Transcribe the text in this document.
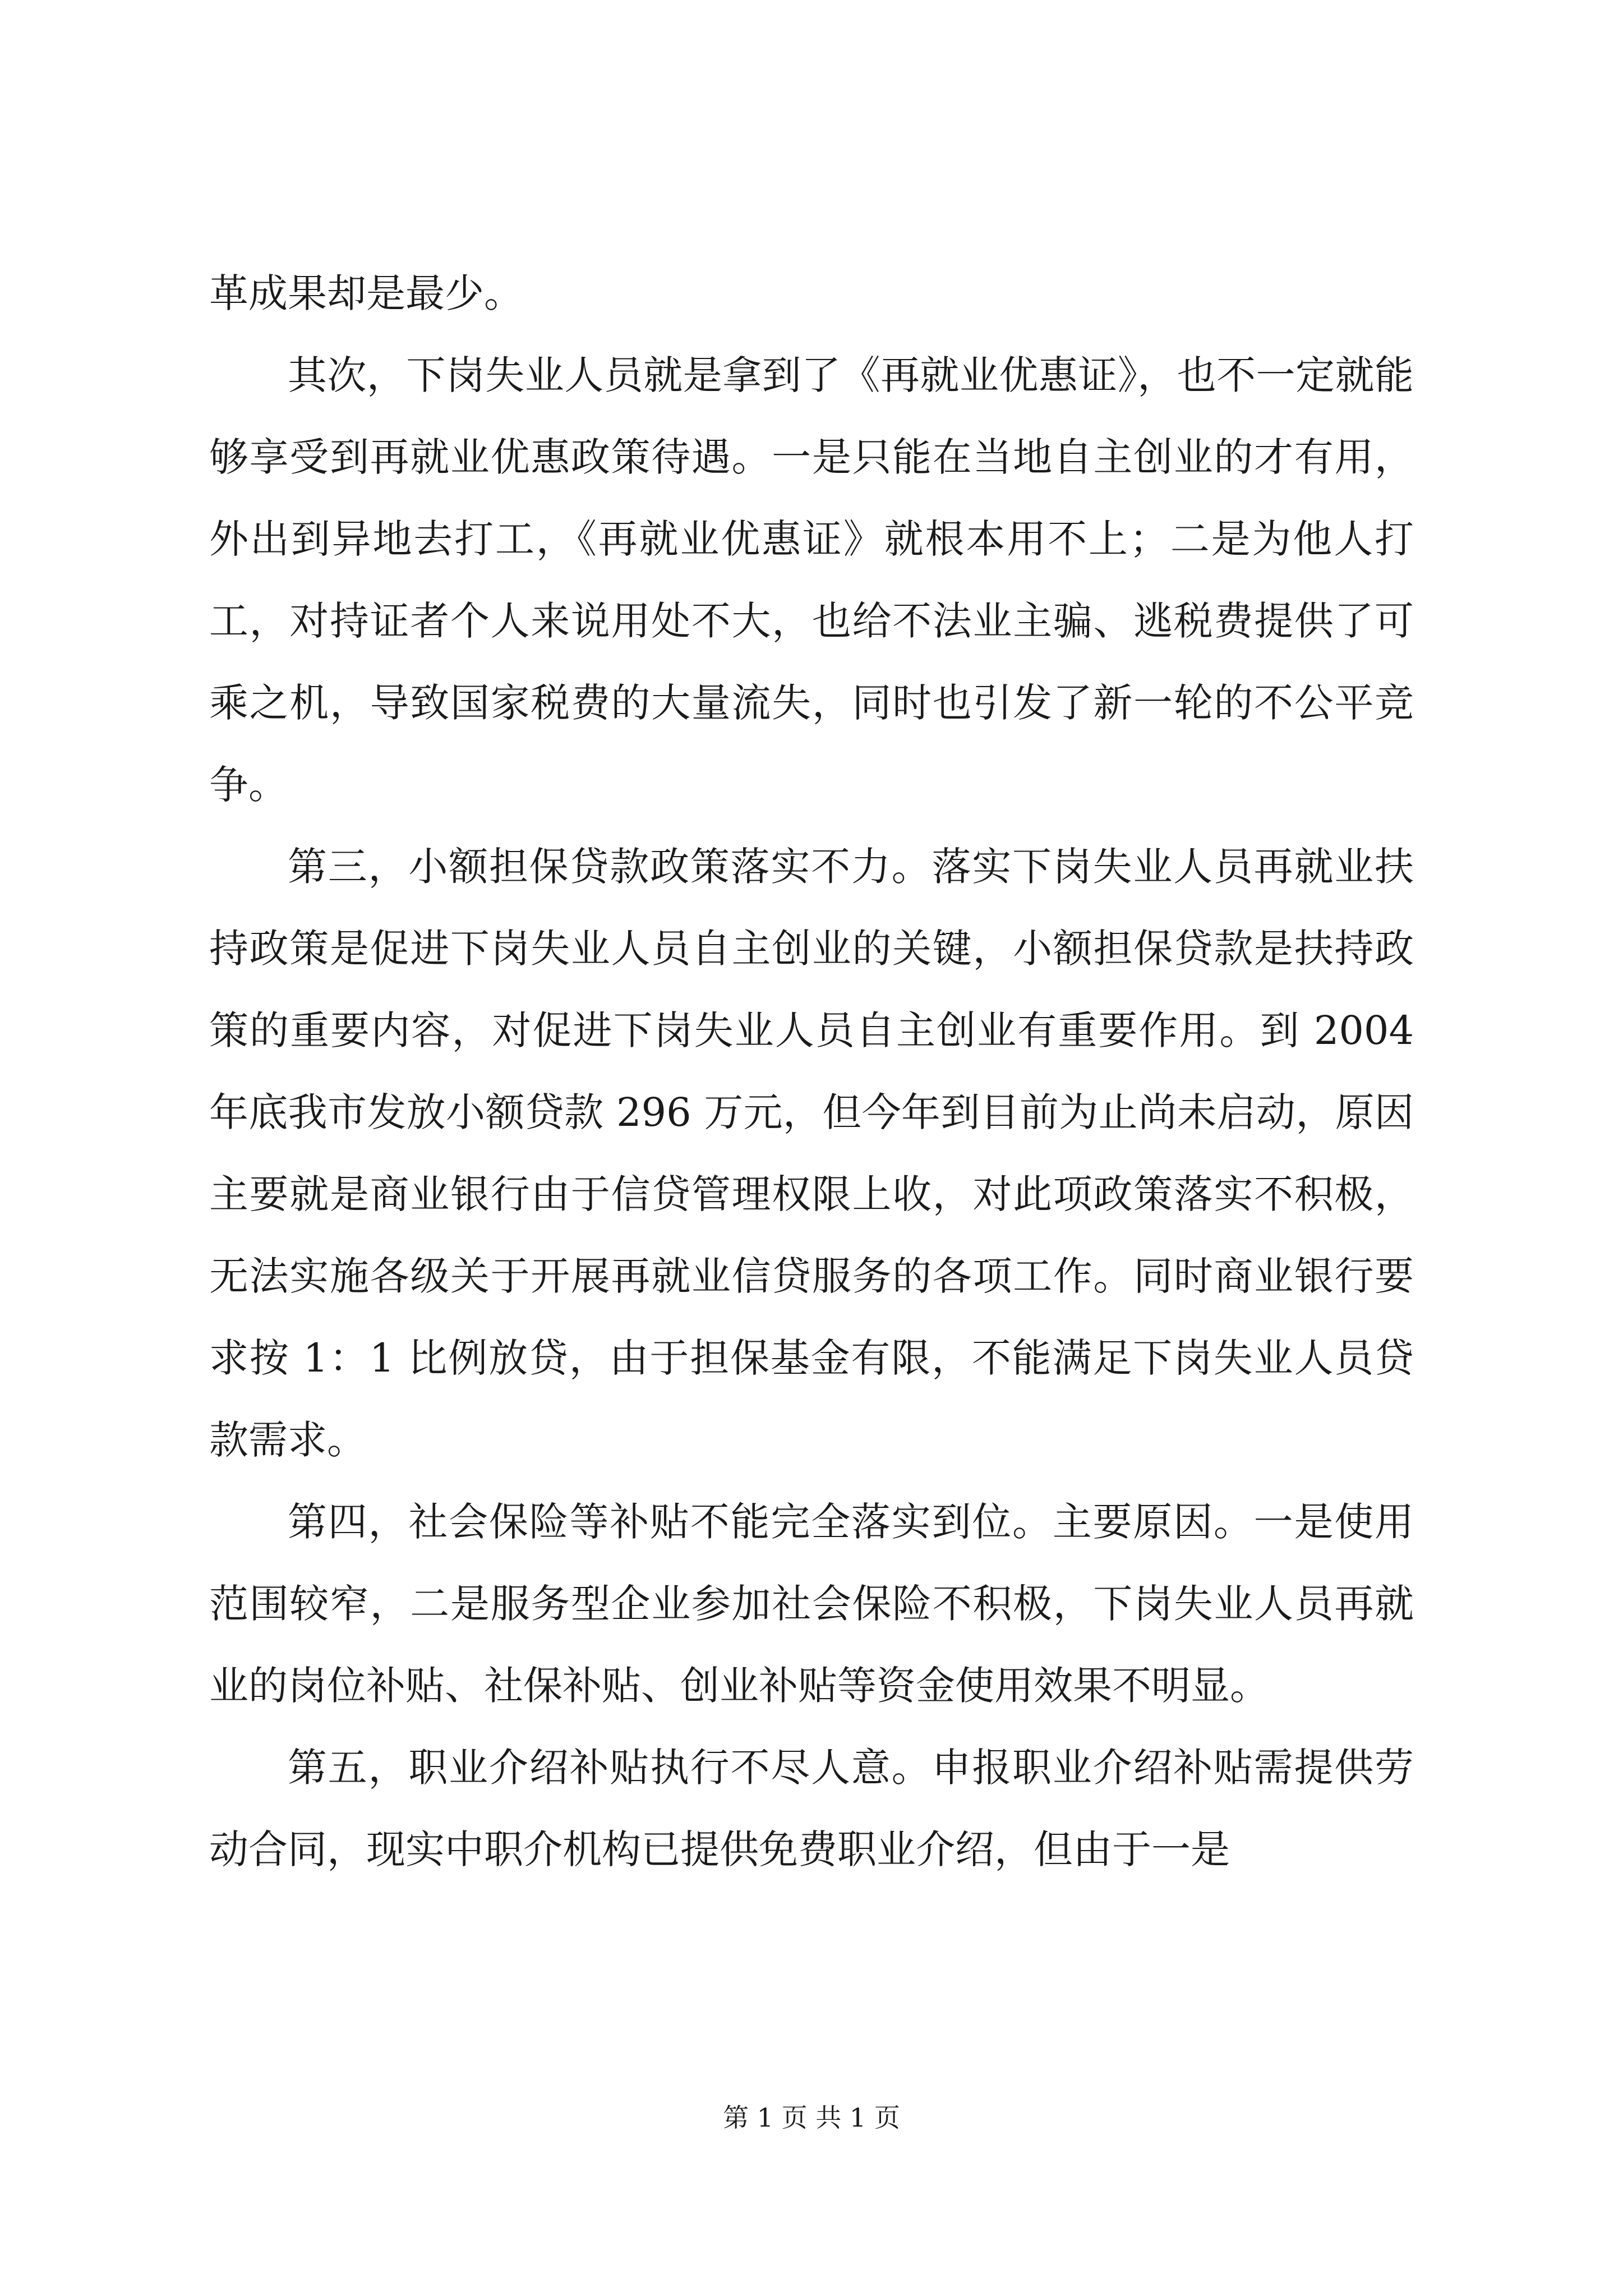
革成果却是最少。

其次，下岗失业人员就是拿到了《再就业优惠证》，也不一定就能够享受到再就业优惠政策待遇。一是只能在当地自主创业的才有用，外出到异地去打工，《再就业优惠证》就根本用不上；二是为他人打工，对持证者个人来说用处不大，也给不法业主骗、逃税费提供了可乘之机，导致国家税费的大量流失，同时也引发了新一轮的不公平竞争。

第三，小额担保贷款政策落实不力。落实下岗失业人员再就业扶持政策是促进下岗失业人员自主创业的关键，小额担保贷款是扶持政策的重要内容，对促进下岗失业人员自主创业有重要作用。到 2004 年底我市发放小额贷款 296 万元，但今年到目前为止尚未启动，原因主要就是商业银行由于信贷管理权限上收，对此项政策落实不积极，无法实施各级关于开展再就业信贷服务的各项工作。同时商业银行要求按 1：1 比例放贷，由于担保基金有限，不能满足下岗失业人员贷款需求。

第四，社会保险等补贴不能完全落实到位。主要原因。一是使用范围较窄，二是服务型企业参加社会保险不积极，下岗失业人员再就业的岗位补贴、社保补贴、创业补贴等资金使用效果不明显。

第五，职业介绍补贴执行不尽人意。申报职业介绍补贴需提供劳动合同，现实中职介机构已提供免费职业介绍，但由于一是

第 1 页 共 1 页
